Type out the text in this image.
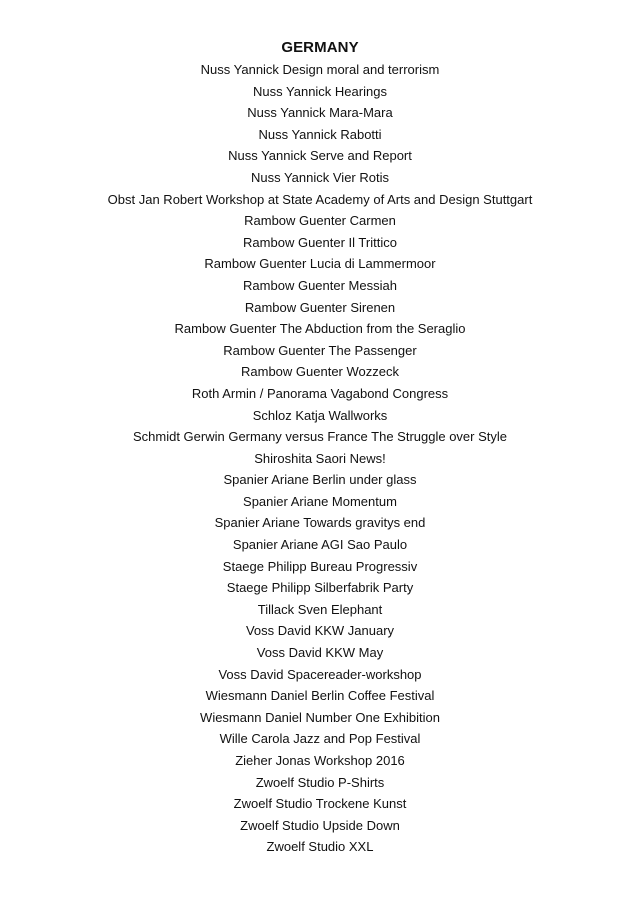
GERMANY
Nuss Yannick Design moral and terrorism
Nuss Yannick Hearings
Nuss Yannick Mara-Mara
Nuss Yannick Rabotti
Nuss Yannick Serve and Report
Nuss Yannick Vier Rotis
Obst Jan Robert Workshop at State Academy of Arts and Design Stuttgart
Rambow Guenter Carmen
Rambow Guenter Il Trittico
Rambow Guenter Lucia di Lammermoor
Rambow Guenter Messiah
Rambow Guenter Sirenen
Rambow Guenter The Abduction from the Seraglio
Rambow Guenter The Passenger
Rambow Guenter Wozzeck
Roth Armin / Panorama Vagabond Congress
Schloz Katja Wallworks
Schmidt Gerwin Germany versus France The Struggle over Style
Shiroshita Saori News!
Spanier Ariane Berlin under glass
Spanier Ariane Momentum
Spanier Ariane Towards gravitys end
Spanier Ariane AGI Sao Paulo
Staege Philipp Bureau Progressiv
Staege Philipp Silberfabrik Party
Tillack Sven Elephant
Voss David KKW January
Voss David KKW May
Voss David Spacereader-workshop
Wiesmann Daniel Berlin Coffee Festival
Wiesmann Daniel Number One Exhibition
Wille Carola Jazz and Pop Festival
Zieher Jonas Workshop 2016
Zwoelf Studio P-Shirts
Zwoelf Studio Trockene Kunst
Zwoelf Studio Upside Down
Zwoelf Studio XXL
